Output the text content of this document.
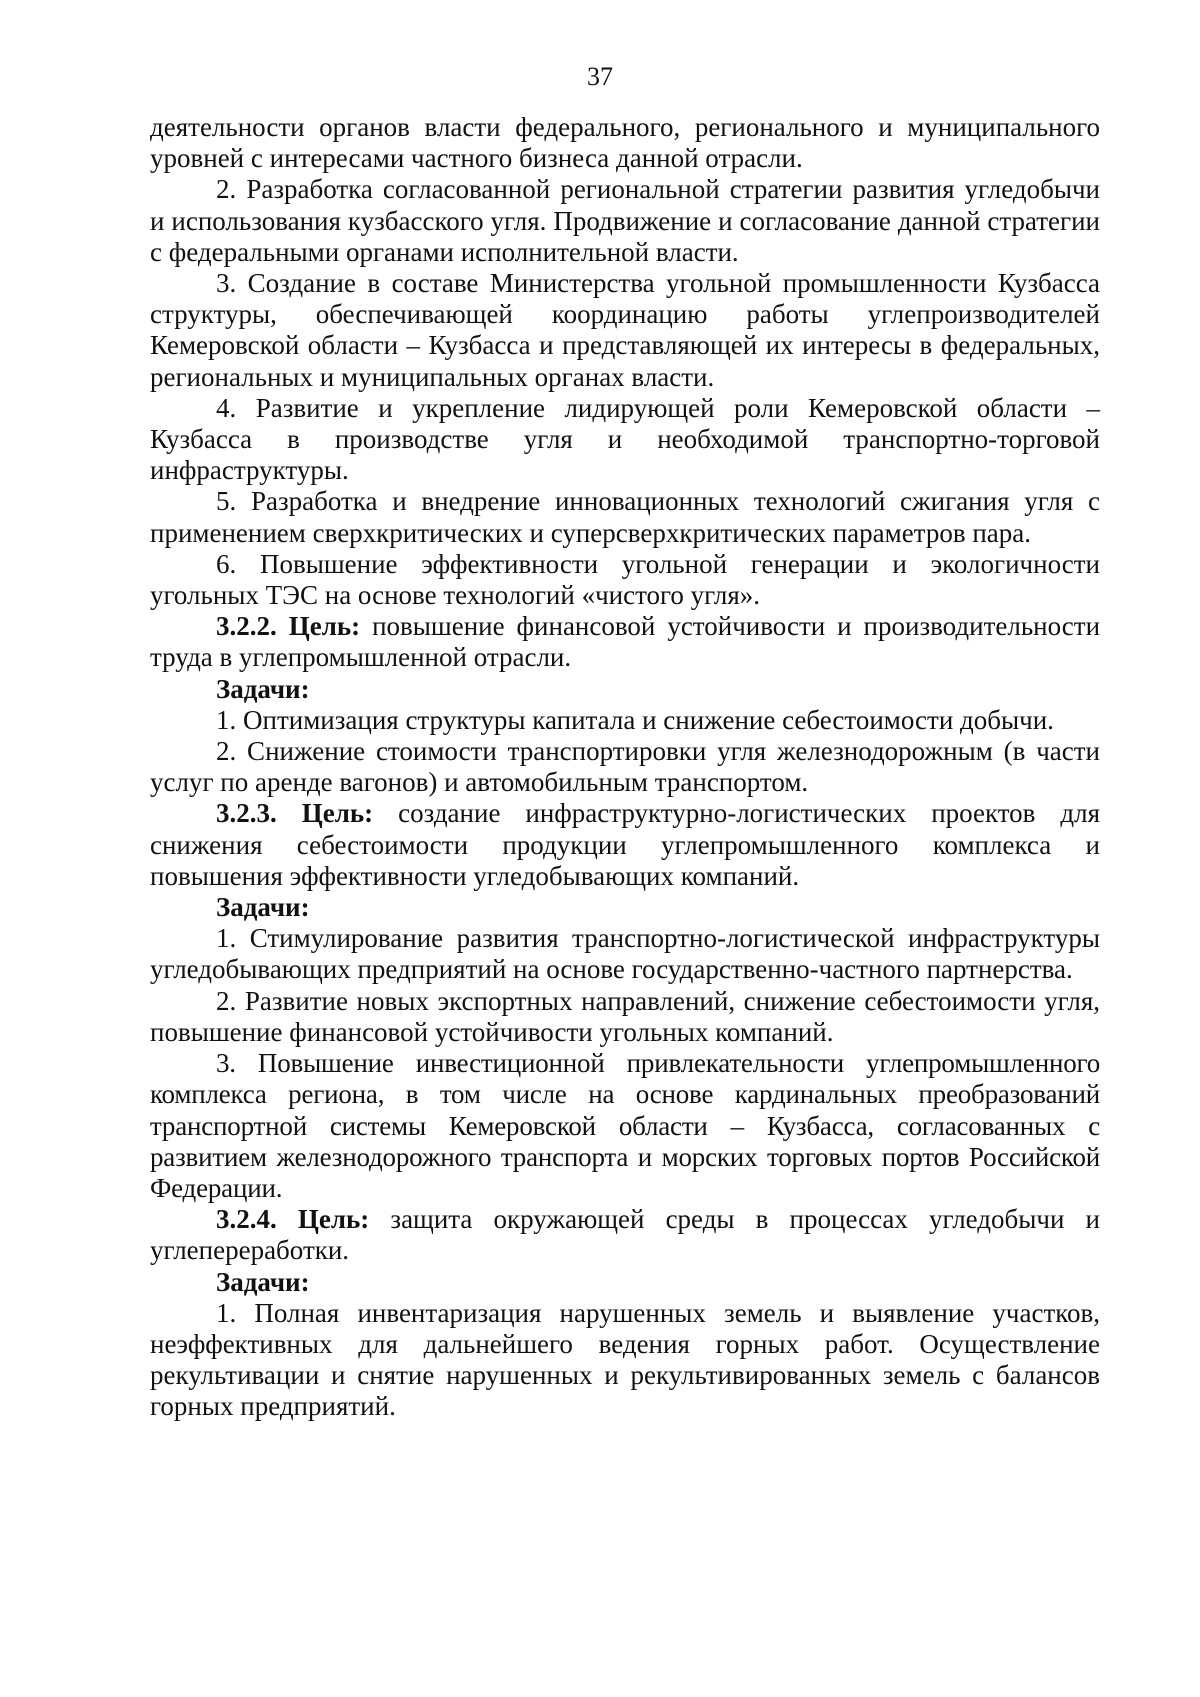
37

деятельности органов власти федерального, регионального и муниципального уровней с интересами частного бизнеса данной отрасли.

2. Разработка согласованной региональной стратегии развития угледобычи и использования кузбасского угля. Продвижение и согласование данной стратегии с федеральными органами исполнительной власти.

3. Создание в составе Министерства угольной промышленности Кузбасса структуры, обеспечивающей координацию работы углепроизводителей Кемеровской области – Кузбасса и представляющей их интересы в федеральных, региональных и муниципальных органах власти.

4. Развитие и укрепление лидирующей роли Кемеровской области – Кузбасса в производстве угля и необходимой транспортно-торговой инфраструктуры.

5. Разработка и внедрение инновационных технологий сжигания угля с применением сверхкритических и суперсверхкритических параметров пара.

6. Повышение эффективности угольной генерации и экологичности угольных ТЭС на основе технологий «чистого угля».

3.2.2. Цель: повышение финансовой устойчивости и производительности труда в углепромышленной отрасли.

Задачи:

1. Оптимизация структуры капитала и снижение себестоимости добычи.

2. Снижение стоимости транспортировки угля железнодорожным (в части услуг по аренде вагонов) и автомобильным транспортом.

3.2.3. Цель: создание инфраструктурно-логистических проектов для снижения себестоимости продукции углепромышленного комплекса и повышения эффективности угледобывающих компаний.

Задачи:

1. Стимулирование развития транспортно-логистической инфраструктуры угледобывающих предприятий на основе государственно-частного партнерства.

2. Развитие новых экспортных направлений, снижение себестоимости угля, повышение финансовой устойчивости угольных компаний.

3. Повышение инвестиционной привлекательности углепромышленного комплекса региона, в том числе на основе кардинальных преобразований транспортной системы Кемеровской области – Кузбасса, согласованных с развитием железнодорожного транспорта и морских торговых портов Российской Федерации.

3.2.4. Цель: защита окружающей среды в процессах угледобычи и углепереработки.

Задачи:

1. Полная инвентаризация нарушенных земель и выявление участков, неэффективных для дальнейшего ведения горных работ. Осуществление рекультивации и снятие нарушенных и рекультивированных земель с балансов горных предприятий.
